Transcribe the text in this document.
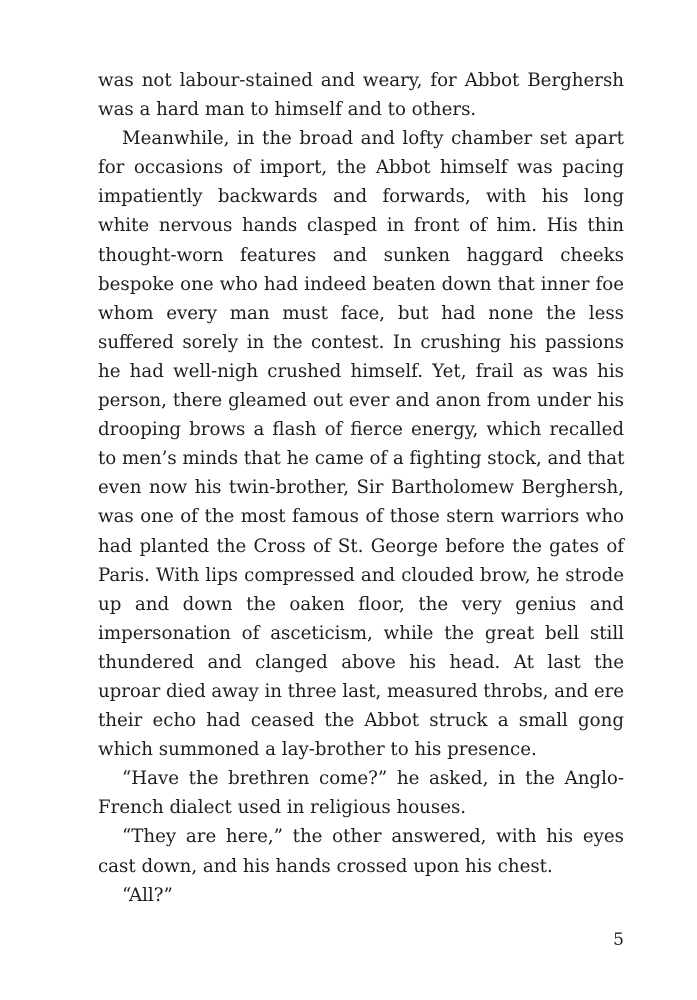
was not labour-stained and weary, for Abbot Berghersh
was a hard man to himself and to others.
Meanwhile, in the broad and lofty chamber set apart
for occasions of import, the Abbot himself was pacing
impatiently backwards and forwards, with his long
white nervous hands clasped in front of him. His thin
thought-worn features and sunken haggard cheeks
bespoke one who had indeed beaten down that inner foe
whom every man must face, but had none the less
suffered sorely in the contest. In crushing his passions
he had well-nigh crushed himself. Yet, frail as was his
person, there gleamed out ever and anon from under his
drooping brows a flash of fierce energy, which recalled
to men’s minds that he came of a fighting stock, and that
even now his twin-brother, Sir Bartholomew Berghersh,
was one of the most famous of those stern warriors who
had planted the Cross of St. George before the gates of
Paris. With lips compressed and clouded brow, he strode
up and down the oaken floor, the very genius and
impersonation of asceticism, while the great bell still
thundered and clanged above his head. At last the
uproar died away in three last, measured throbs, and ere
their echo had ceased the Abbot struck a small gong
which summoned a lay-brother to his presence.
“Have the brethren come?” he asked, in the Anglo-
French dialect used in religious houses.
“They are here,” the other answered, with his eyes
cast down, and his hands crossed upon his chest.
“All?”
5
